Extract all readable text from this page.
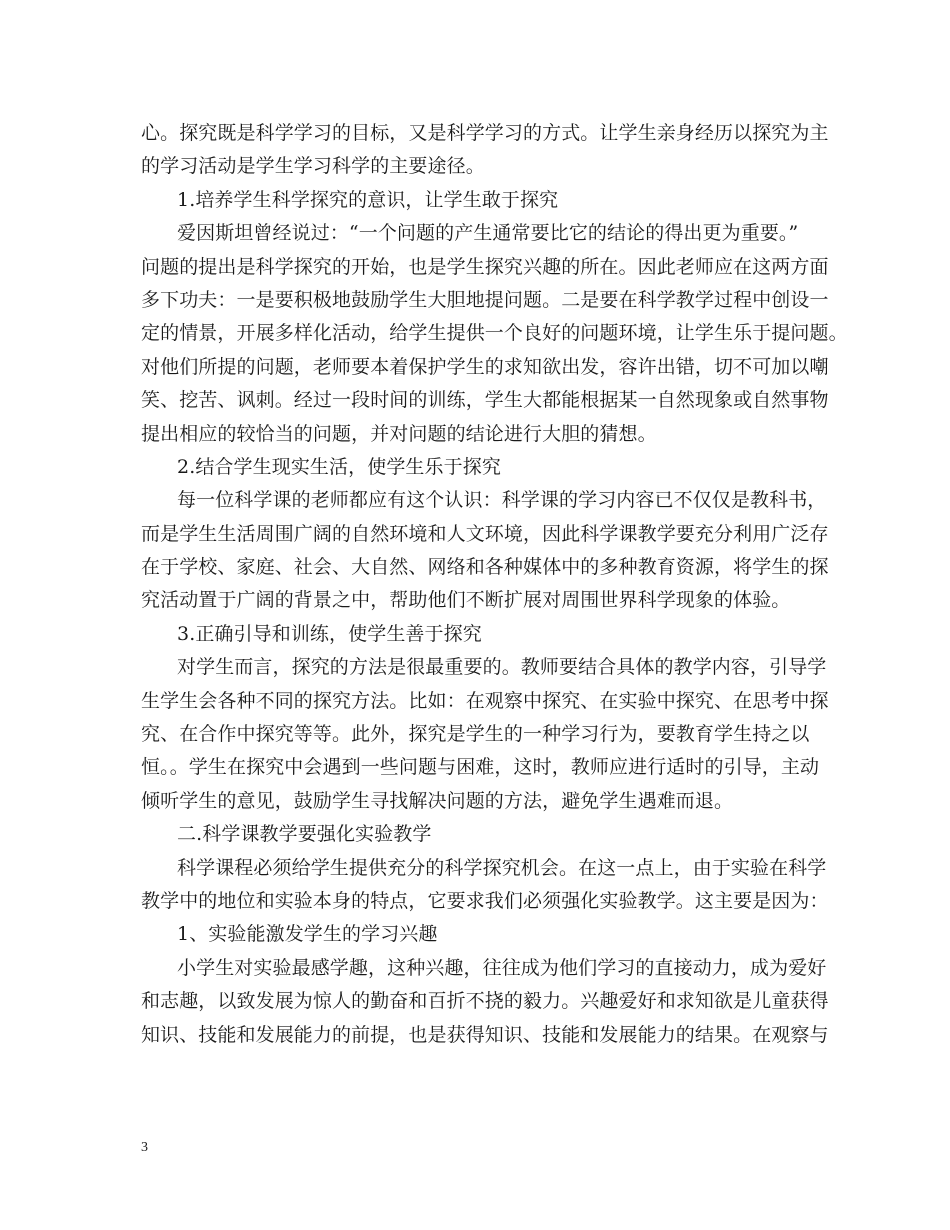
心。探究既是科学学习的目标，又是科学学习的方式。让学生亲身经历以探究为主
的学习活动是学生学习科学的主要途径。
1.培养学生科学探究的意识，让学生敢于探究
爱因斯坦曾经说过：“一个问题的产生通常要比它的结论的得出更为重要。”
问题的提出是科学探究的开始，也是学生探究兴趣的所在。因此老师应在这两方面
多下功夫：一是要积极地鼓励学生大胆地提问题。二是要在科学教学过程中创设一
定的情景，开展多样化活动，给学生提供一个良好的问题环境，让学生乐于提问题。
对他们所提的问题，老师要本着保护学生的求知欲出发，容许出错，切不可加以嘲
笑、挖苦、讽刺。经过一段时间的训练，学生大都能根据某一自然现象或自然事物
提出相应的较恰当的问题，并对问题的结论进行大胆的猜想。
2.结合学生现实生活，使学生乐于探究
每一位科学课的老师都应有这个认识：科学课的学习内容已不仅仅是教科书，
而是学生生活周围广阔的自然环境和人文环境，因此科学课教学要充分利用广泛存
在于学校、家庭、社会、大自然、网络和各种媒体中的多种教育资源，将学生的探
究活动置于广阔的背景之中，帮助他们不断扩展对周围世界科学现象的体验。
3.正确引导和训练，使学生善于探究
对学生而言，探究的方法是很最重要的。教师要结合具体的教学内容，引导学
生学生会各种不同的探究方法。比如：在观察中探究、在实验中探究、在思考中探
究、在合作中探究等等。此外，探究是学生的一种学习行为，要教育学生持之以
恒。。学生在探究中会遇到一些问题与困难，这时，教师应进行适时的引导，主动
倾听学生的意见，鼓励学生寻找解决问题的方法，避免学生遇难而退。
二.科学课教学要强化实验教学
科学课程必须给学生提供充分的科学探究机会。在这一点上，由于实验在科学
教学中的地位和实验本身的特点，它要求我们必须强化实验教学。这主要是因为：
1、实验能激发学生的学习兴趣
小学生对实验最感学趣，这种兴趣，往往成为他们学习的直接动力，成为爱好
和志趣，以致发展为惊人的勤奋和百折不挠的毅力。兴趣爱好和求知欲是儿童获得
知识、技能和发展能力的前提，也是获得知识、技能和发展能力的结果。在观察与
3
